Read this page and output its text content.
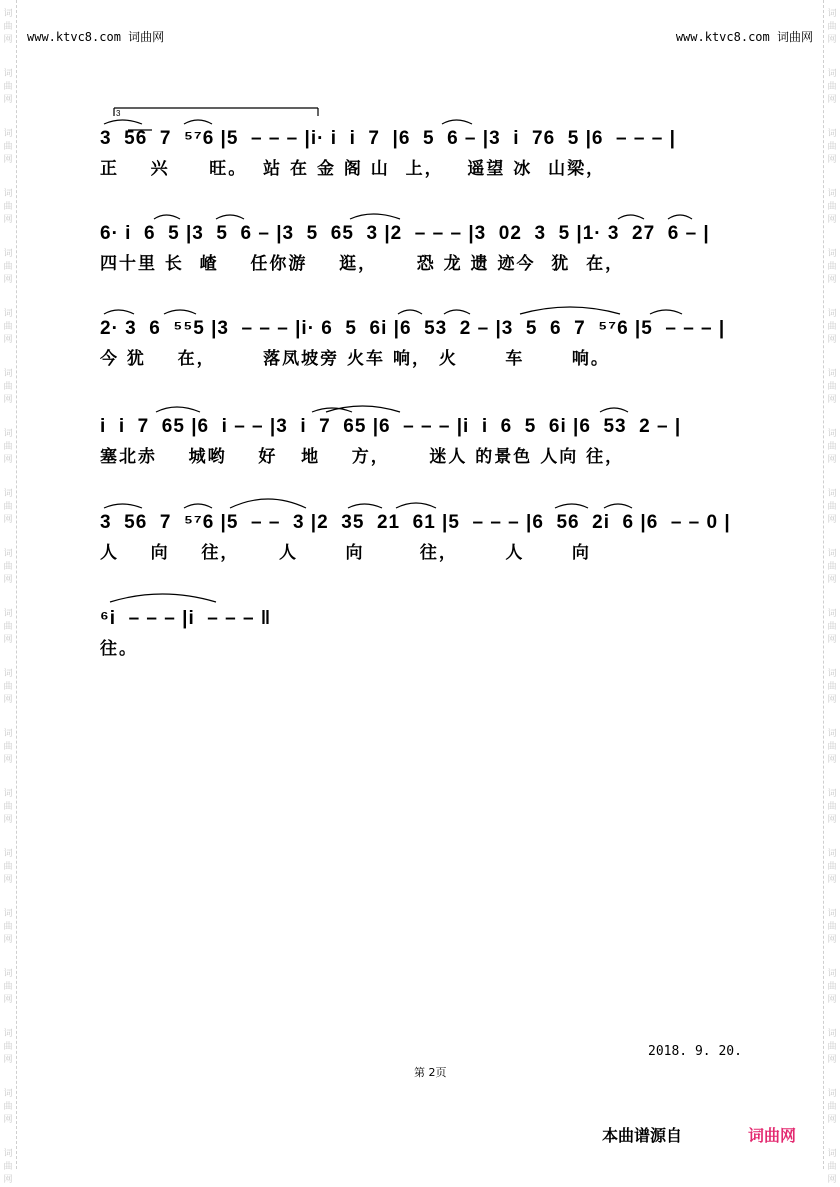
词
曲
网
词
曲
网
词
曲
网
词
曲
网
词
曲
网
词
曲
网
词
曲
网
词
曲
网
词
曲
网
词
曲
网
词
曲
网
词
曲
网
词
曲
网
词
曲
网
词
曲
网
词
曲
网
词
曲
网
词
曲
网
词
曲
网
词
曲
网
词
曲
网
词
曲
网
词
曲
网
词
曲
网
词
曲
网
词
曲
网
词
曲
网
词
曲
网
词
曲
网
词
曲
网
词
曲
网
词
曲
网
词
曲
网
词
曲
网
词
曲
网
词
曲
网
词
曲
网
词
曲
网
词
曲
网
词
曲
网
www.ktvc8.com 词曲网	www.ktvc8.com 词曲网
3  56  7  ⁵⁷6 |5  – – – |i· i  i  7  |6  5  6 – |3  i  76  5 |6  – – – |
正    兴     旺。  站 在 金 阁 山  上，   遥望 冰  山梁，
3
6· i  6  5 |3  5  6 – |3  5  65  3 |2  – – – |3  02  3  5 |1· 3  27  6 – |
四十里 长  嵖    任你游    逛，     恐 龙 遗 迹今  犹  在，
2· 3  6  ⁵⁵5 |3  – – – |i· 6  5  6i |6  53  2 – |3  5  6  7  ⁵⁷6 |5  – – – |
今 犹    在，      落凤坡旁 火车 响， 火      车      响。
i  i  7  65 |6  i – – |3  i  7  65 |6  – – – |i  i  6  5  6i |6  53  2 – |
塞北赤    城哟    好   地    方，     迷人 的景色 人向 往，
3  56  7  ⁵⁷6 |5  – –  3 |2  35  21  61 |5  – – – |6  56  2i  6 |6  – – 0 |
人    向    往，     人      向       往，      人      向
⁶i  – – – |i  – – – ‖
往。
2018. 9. 20.
第 2页
本曲谱源自	词曲网
